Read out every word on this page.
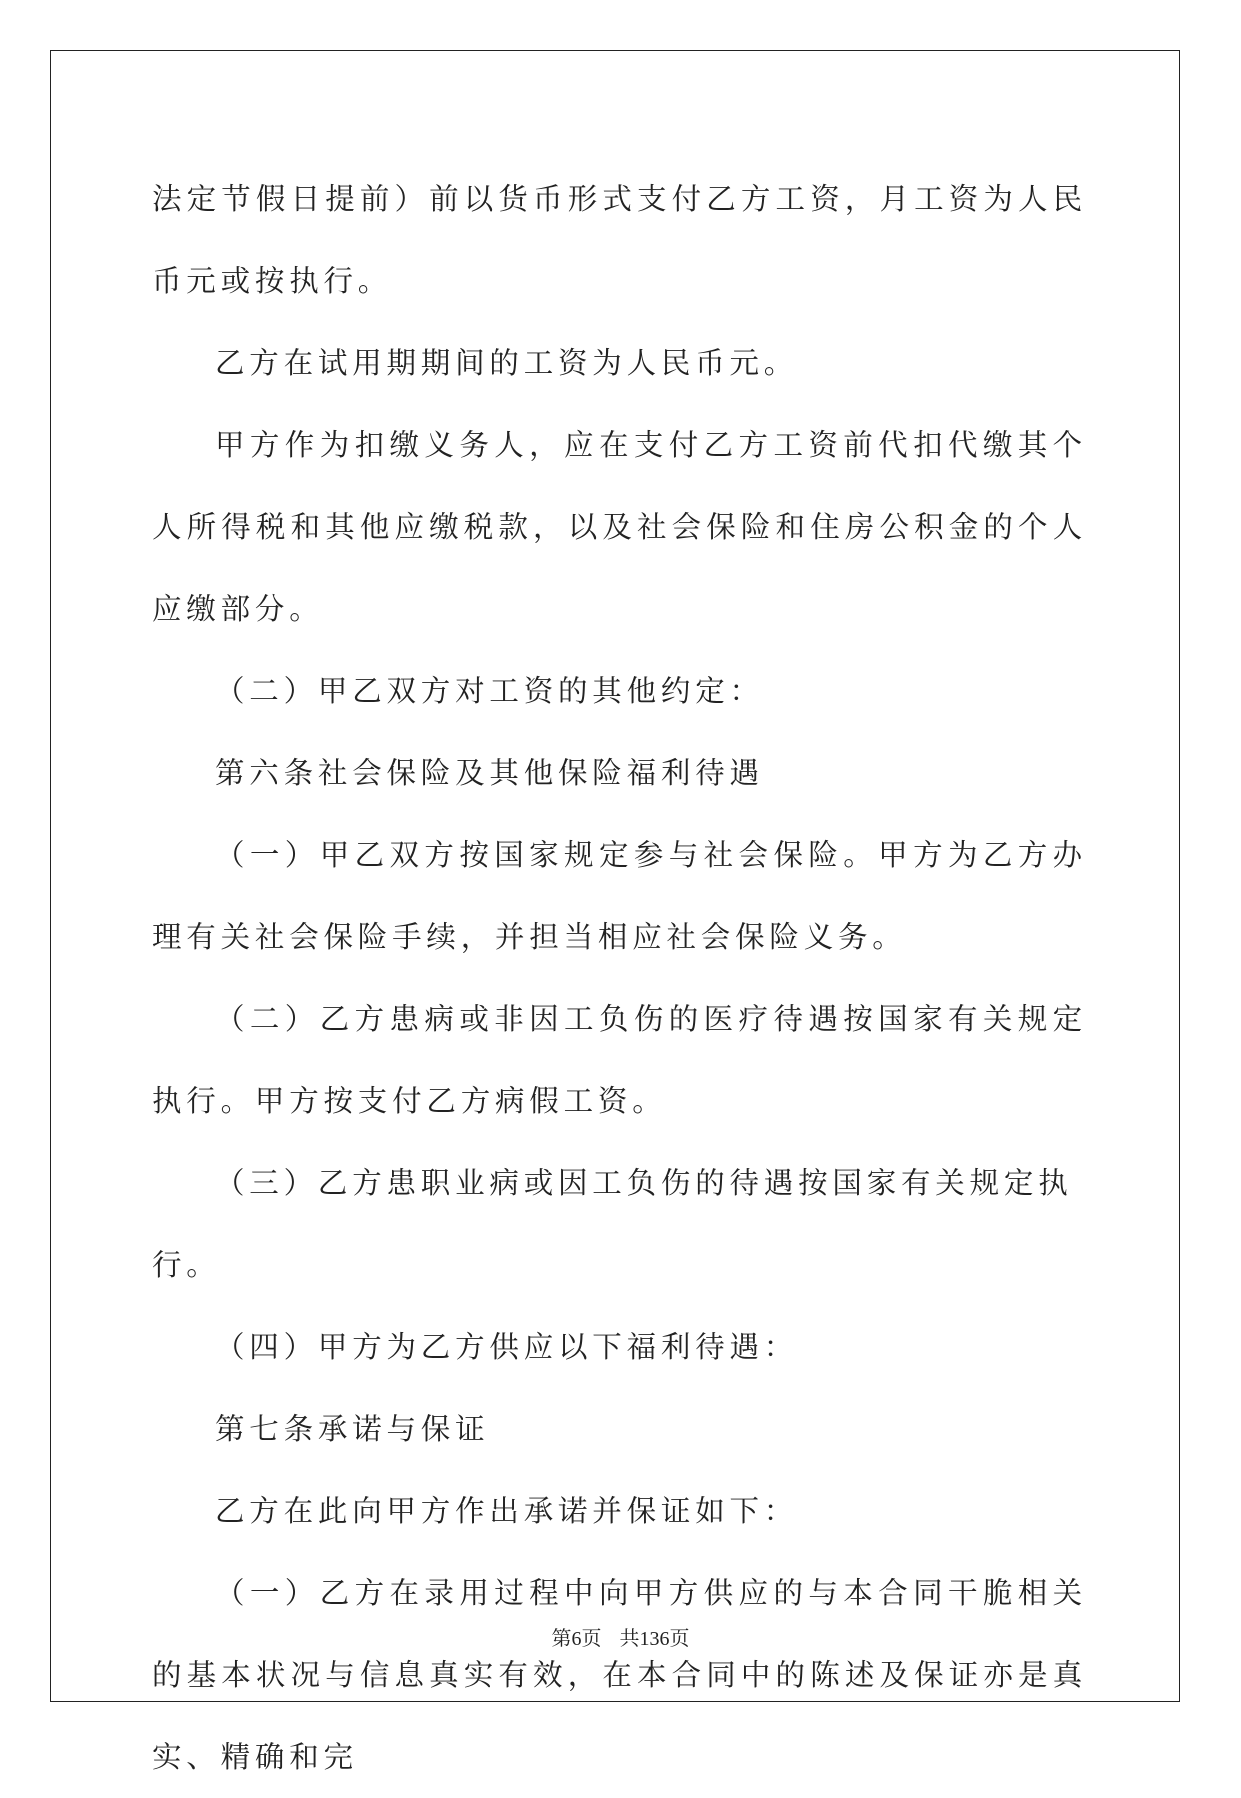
法定节假日提前）前以货币形式支付乙方工资，月工资为人民币元或按执行。

乙方在试用期期间的工资为人民币元。

甲方作为扣缴义务人，应在支付乙方工资前代扣代缴其个人所得税和其他应缴税款，以及社会保险和住房公积金的个人应缴部分。

（二）甲乙双方对工资的其他约定：

第六条社会保险及其他保险福利待遇

（一）甲乙双方按国家规定参与社会保险。甲方为乙方办理有关社会保险手续，并担当相应社会保险义务。

（二）乙方患病或非因工负伤的医疗待遇按国家有关规定执行。甲方按支付乙方病假工资。

（三）乙方患职业病或因工负伤的待遇按国家有关规定执行。

（四）甲方为乙方供应以下福利待遇：

第七条承诺与保证

乙方在此向甲方作出承诺并保证如下：

（一）乙方在录用过程中向甲方供应的与本合同干脆相关的基本状况与信息真实有效，在本合同中的陈述及保证亦是真实、精确和完

第6页 共136页
